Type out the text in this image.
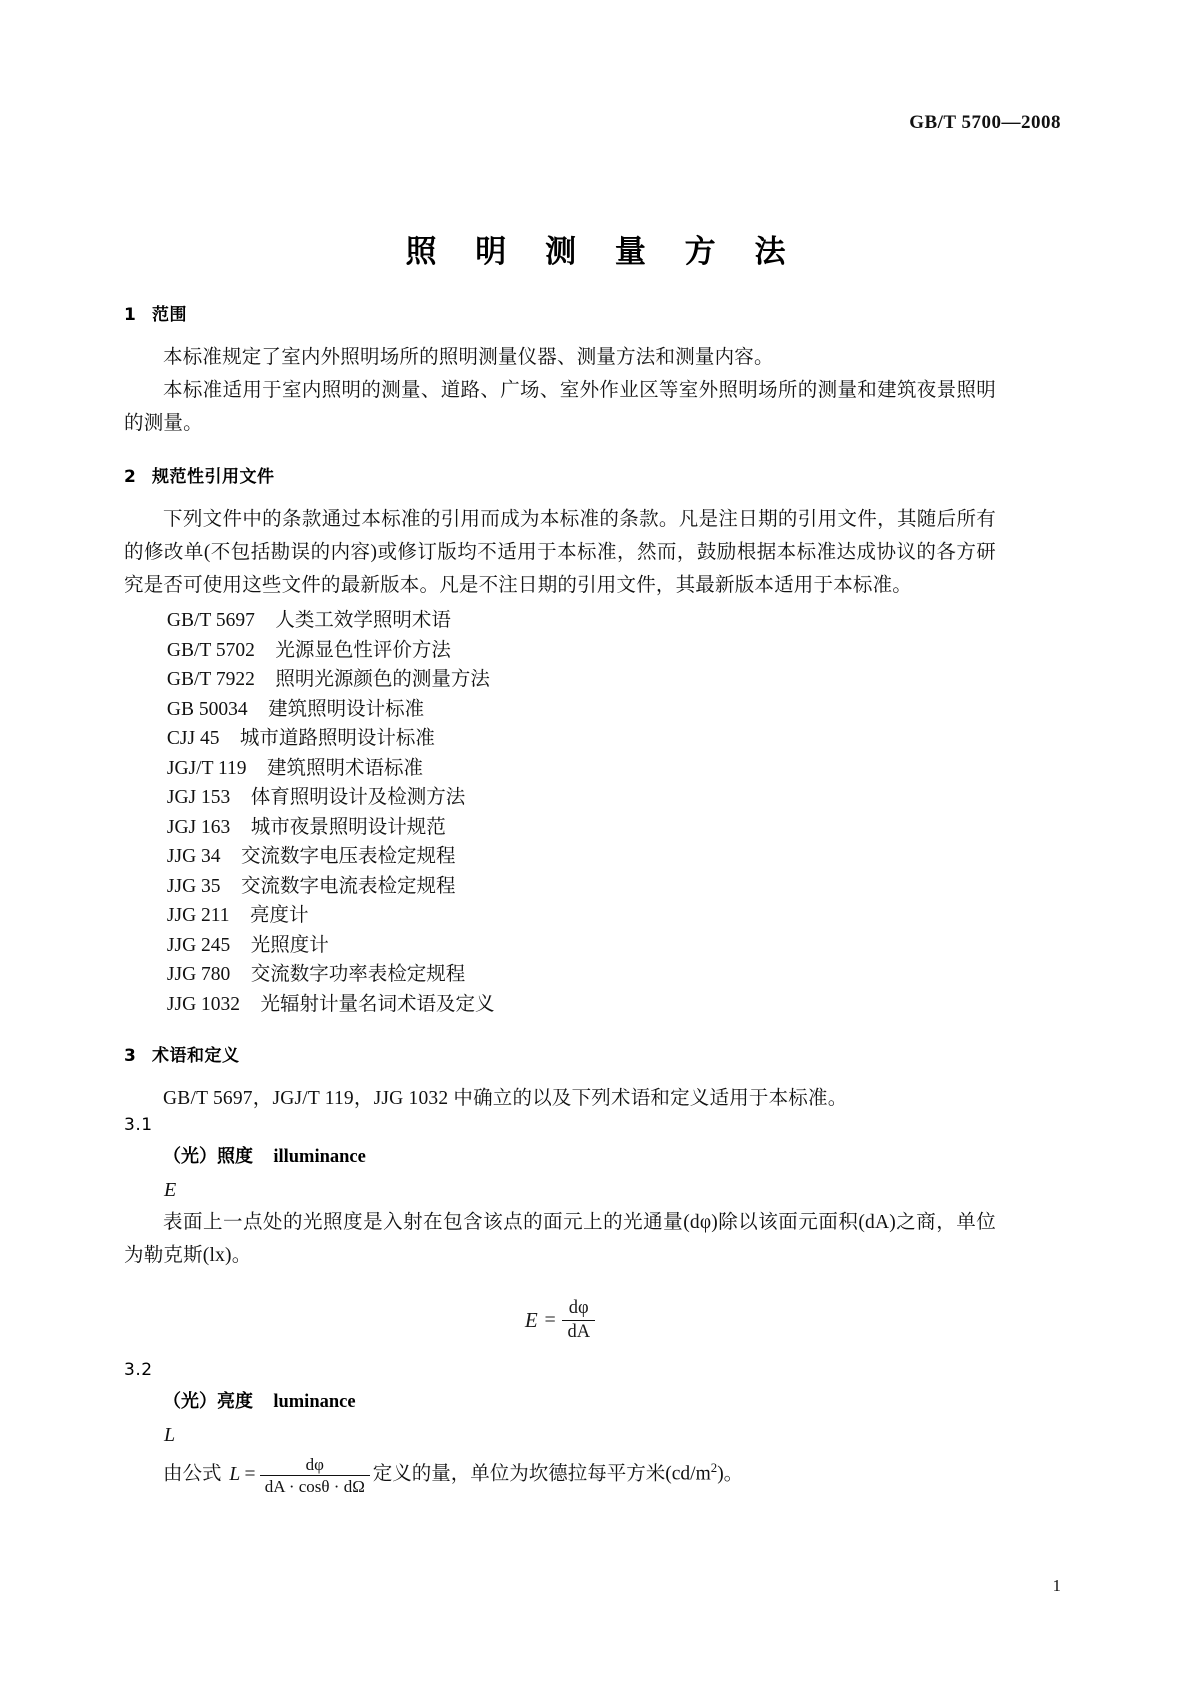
GB/T 5700—2008
照 明 测 量 方 法
1 范围

本标准规定了室内外照明场所的照明测量仪器、测量方法和测量内容。

本标准适用于室内照明的测量、道路、广场、室外作业区等室外照明场所的测量和建筑夜景照明的测量。

2 规范性引用文件

下列文件中的条款通过本标准的引用而成为本标准的条款。凡是注日期的引用文件，其随后所有的修改单(不包括勘误的内容)或修订版均不适用于本标准，然而，鼓励根据本标准达成协议的各方研究是否可使用这些文件的最新版本。凡是不注日期的引用文件，其最新版本适用于本标准。

GB/T 5697 人类工效学照明术语
GB/T 5702 光源显色性评价方法
GB/T 7922 照明光源颜色的测量方法
GB 50034 建筑照明设计标准
CJJ 45 城市道路照明设计标准
JGJ/T 119 建筑照明术语标准
JGJ 153 体育照明设计及检测方法
JGJ 163 城市夜景照明设计规范
JJG 34 交流数字电压表检定规程
JJG 35 交流数字电流表检定规程
JJG 211 亮度计
JJG 245 光照度计
JJG 780 交流数字功率表检定规程
JJG 1032 光辐射计量名词术语及定义
3 术语和定义

GB/T 5697，JGJ/T 119，JJG 1032 中确立的以及下列术语和定义适用于本标准。

3.1

（光）照度 illuminance

E

表面上一点处的光照度是入射在包含该点的面元上的光通量(dφ)除以该面元面积(dA)之商，单位为勒克斯(lx)。

$E = \frac{d\varphi}{dA}$

3.2

（光）亮度 luminance

L

由公式 $L = \frac{d\varphi}{dA \cdot \cos\theta \cdot d\Omega}$ 定义的量，单位为坎德拉每平方米$(cd/m^2)$。

1
